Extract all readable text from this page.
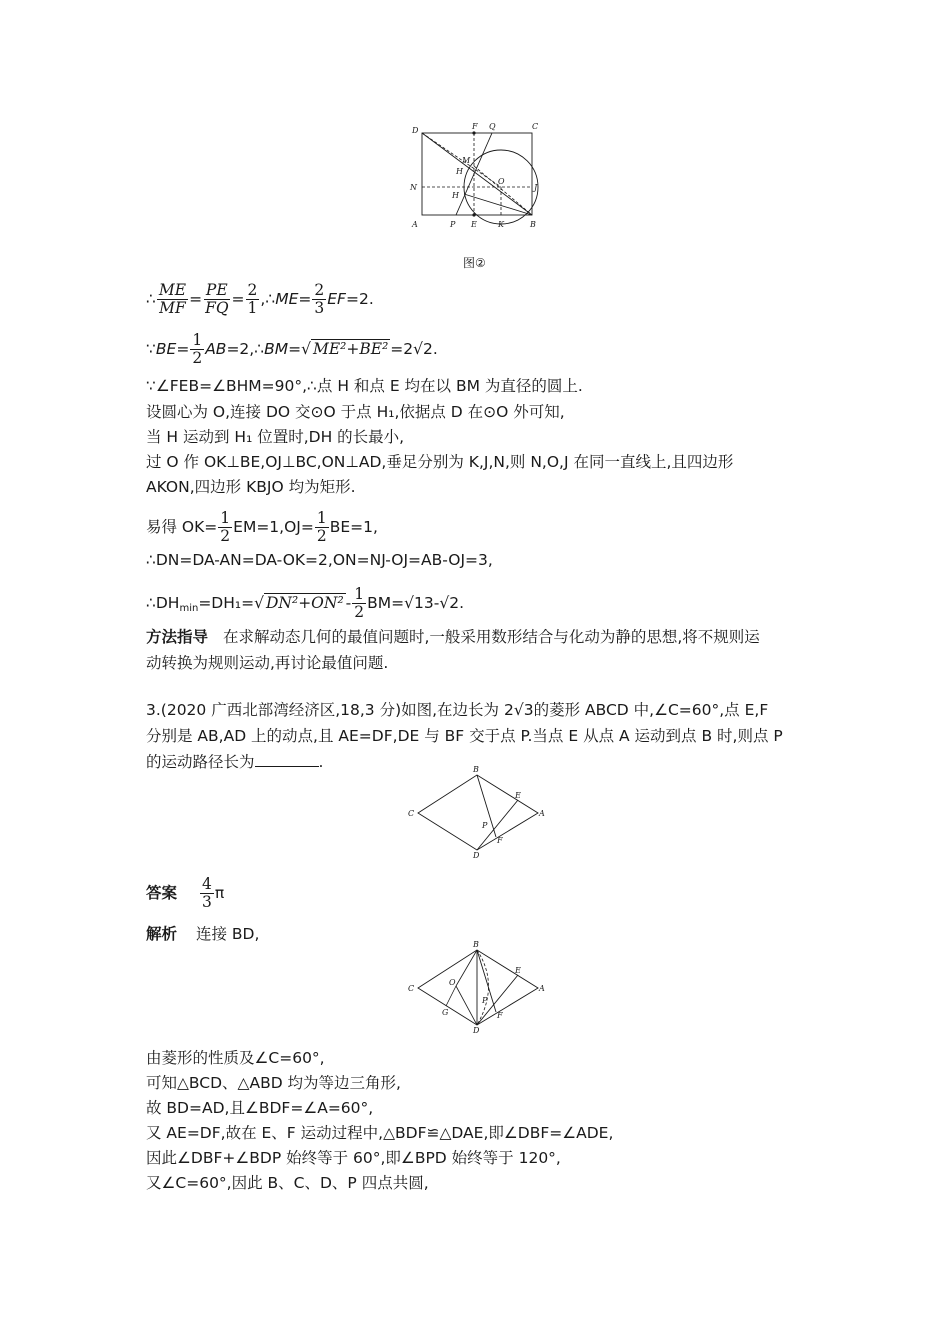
D	F Q	C
M
H
O
N	J
H
A	P E	K	B
图②
∴ $\frac{ME}{MF} = \frac{PE}{FQ} = \frac{2}{1}$ ,∴ME= $\frac{2}{3} EF=2$.
∵BE= $\frac{1}{2}$ AB=2,∴BM=√ ME²+BE² =2√2.
∵∠FEB=∠BHM=90°,∴点 H 和点 E 均在以 BM 为直径的圆上.
设圆心为 O,连接 DO 交⊙O 于点 H₁,依据点 D 在⊙O 外可知,
当 H 运动到 H₁ 位置时,DH 的长最小,
过 O 作 OK⊥BE,OJ⊥BC,ON⊥AD,垂足分别为 K,J,N,则 N,O,J 在同一直线上,且四边形
AKON,四边形 KBJO 均为矩形.
易得 $OK= \frac{1}{2} EM=1,OJ= \frac{1}{2} BE=1$,
∴DN=DA-AN=DA-OK=2,ON=NJ-OJ=AB-OJ=3,
$\therefore DH_{min}=DH_1=√$ $DN^2+ON^2 - \frac{1}{2} BM=√13-√2$.
方法指导 在求解动态几何的最值问题时,一般采用数形结合与化动为静的思想,将不规则运
动转换为规则运动,再讨论最值问题.
3.(2020 广西北部湾经济区,18,3 分)如图,在边长为 2√3的菱形 ABCD 中,∠C=60°,点 E,F
分别是 AB,AD 上的动点,且 AE=DF,DE 与 BF 交于点 P.当点 E 从点 A 运动到点 B 时,则点 P
的运动路径长为	.	B
C
E
A
P
F
D
答案 $\frac{4}{3}$ π
解析 连接 BD,
B
C
E
A
O
P
G	F
D
由菱形的性质及∠C=60°,
可知△BCD、△ABD 均为等边三角形,
故 BD=AD,且∠BDF=∠A=60°,
又 AE=DF,故在 E、F 运动过程中,△BDF≌△DAE,即∠DBF=∠ADE,
因此∠DBF+∠BDP 始终等于 60°,即∠BPD 始终等于 120°,
又∠C=60°,因此 B、C、D、P 四点共圆,
